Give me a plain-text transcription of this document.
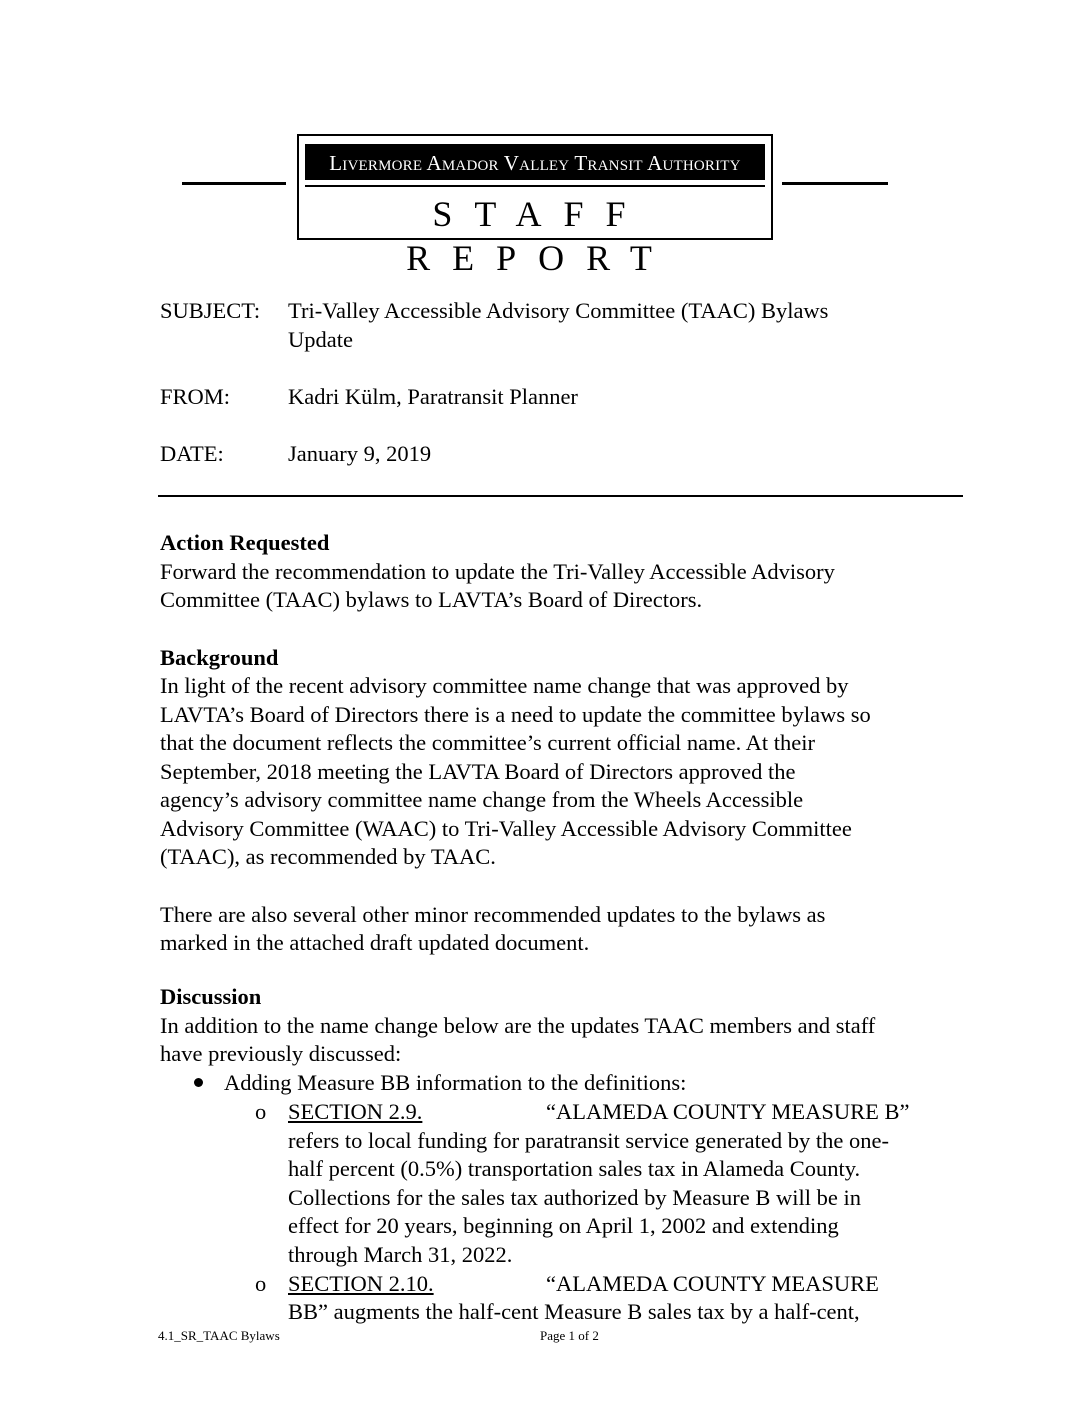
Livermore Amador Valley Transit Authority
STAFF REPORT
SUBJECT: Tri-Valley Accessible Advisory Committee (TAAC) Bylaws
Update
FROM:	Kadri Külm, Paratransit Planner
DATE:	January 9, 2019
Action Requested
Forward the recommendation to update the Tri-Valley Accessible Advisory
Committee (TAAC) bylaws to LAVTA’s Board of Directors.
Background
In light of the recent advisory committee name change that was approved by
LAVTA’s Board of Directors there is a need to update the committee bylaws so
that the document reflects the committee’s current official name. At their
September, 2018 meeting the LAVTA Board of Directors approved the
agency’s advisory committee name change from the Wheels Accessible
Advisory Committee (WAAC) to Tri-Valley Accessible Advisory Committee
(TAAC), as recommended by TAAC.
There are also several other minor recommended updates to the bylaws as
marked in the attached draft updated document.
Discussion
In addition to the name change below are the updates TAAC members and staff
have previously discussed:
Adding Measure BB information to the definitions:
o SECTION 2.9.	“ALAMEDA COUNTY MEASURE B”
refers to local funding for paratransit service generated by the one-
half percent (0.5%) transportation sales tax in Alameda County.
Collections for the sales tax authorized by Measure B will be in
effect for 20 years, beginning on April 1, 2002 and extending
through March 31, 2022.
o SECTION 2.10.	“ALAMEDA COUNTY MEASURE
BB” augments the half-cent Measure B sales tax by a half-cent,
4.1_SR_TAAC Bylaws	Page 1 of 2
